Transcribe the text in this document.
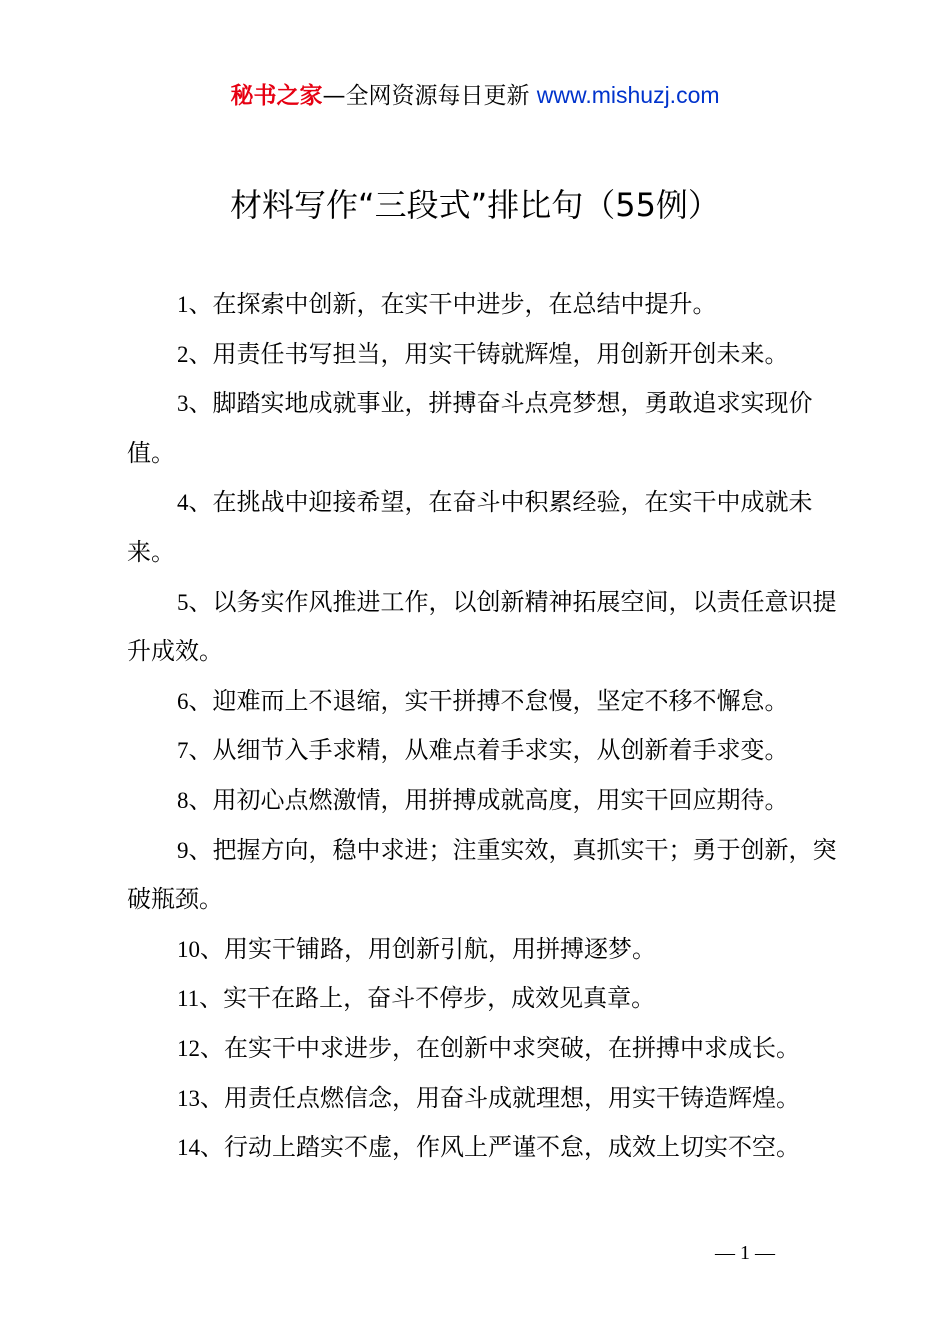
秘书之家—全网资源每日更新 www.mishuzj.com
材料写作“三段式”排比句（55例）
1、在探索中创新，在实干中进步，在总结中提升。
2、用责任书写担当，用实干铸就辉煌，用创新开创未来。
3、脚踏实地成就事业，拼搏奋斗点亮梦想，勇敢追求实现价值。
4、在挑战中迎接希望，在奋斗中积累经验，在实干中成就未来。
5、以务实作风推进工作，以创新精神拓展空间，以责任意识提升成效。
6、迎难而上不退缩，实干拼搏不怠慢，坚定不移不懈怠。
7、从细节入手求精，从难点着手求实，从创新着手求变。
8、用初心点燃激情，用拼搏成就高度，用实干回应期待。
9、把握方向，稳中求进；注重实效，真抓实干；勇于创新，突破瓶颈。
10、用实干铺路，用创新引航，用拼搏逐梦。
11、实干在路上，奋斗不停步，成效见真章。
12、在实干中求进步，在创新中求突破，在拼搏中求成长。
13、用责任点燃信念，用奋斗成就理想，用实干铸造辉煌。
14、行动上踏实不虚，作风上严谨不怠，成效上切实不空。
— 1 —
